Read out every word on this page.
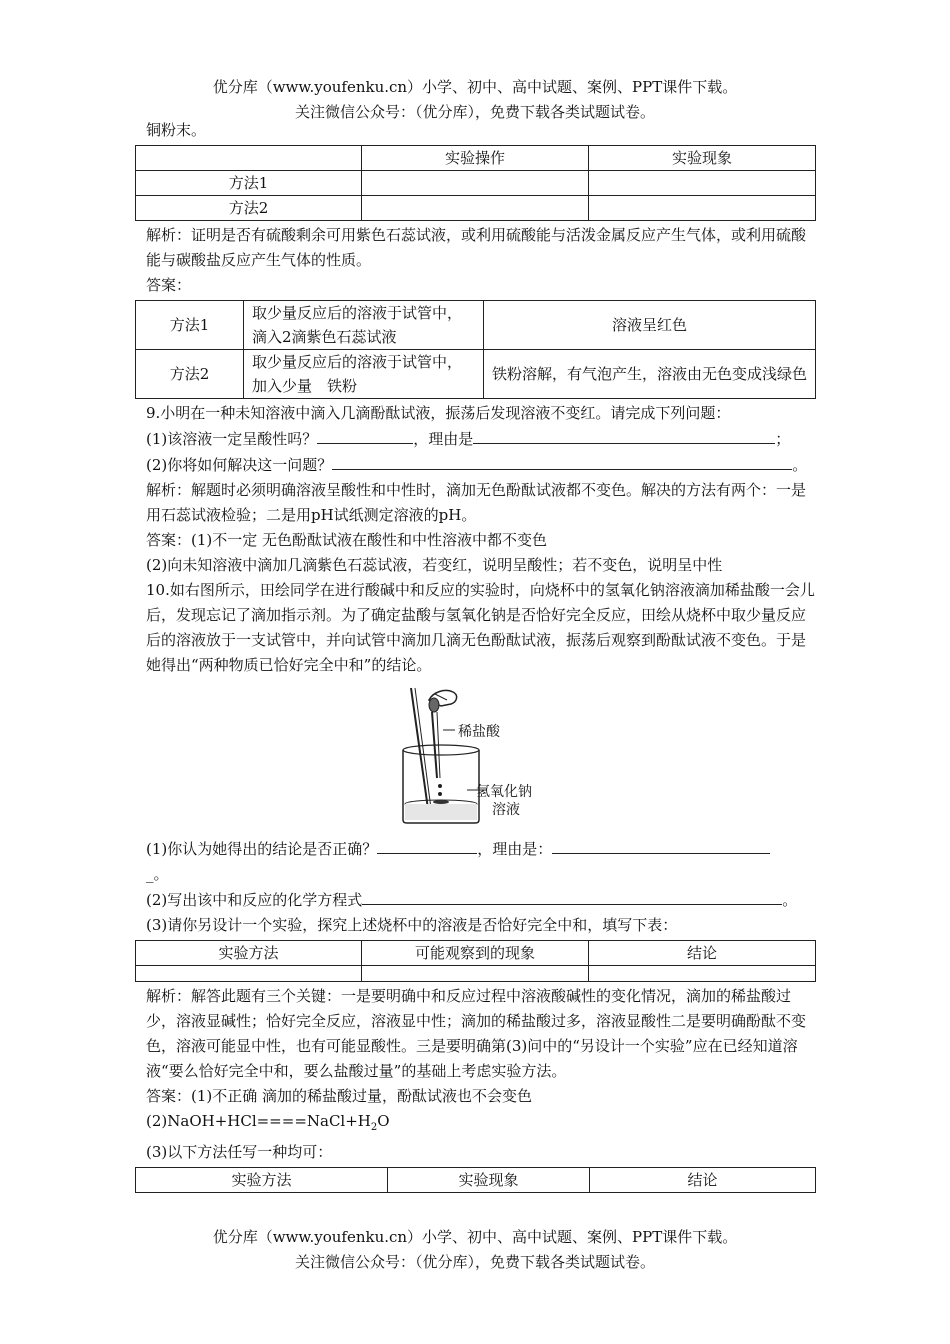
优分库（www.youfenku.cn）小学、初中、高中试题、案例、PPT课件下载。
关注微信公众号：（优分库），免费下载各类试题试卷。

铜粉末。

	实验操作	实验现象
方法1		
方法2		

解析：证明是否有硫酸剩余可用紫色石蕊试液，或利用硫酸能与活泼金属反应产生气体，或利用硫酸能与碳酸盐反应产生气体的性质。

答案：

方法1	取少量反应后的溶液于试管中，滴入2滴紫色石蕊试液	溶液呈红色
方法2	取少量反应后的溶液于试管中，加入少量　铁粉	铁粉溶解，有气泡产生，溶液由无色变成浅绿色

9.小明在一种未知溶液中滴入几滴酚酞试液，振荡后发现溶液不变红。请完成下列问题：

(1)该溶液一定呈酸性吗？	，理由是	；

(2)你将如何解决这一问题？	。

解析：解题时必须明确溶液呈酸性和中性时，滴加无色酚酞试液都不变色。解决的方法有两个：一是用石蕊试液检验；二是用pH试纸测定溶液的pH。

答案：(1)不一定 无色酚酞试液在酸性和中性溶液中都不变色

(2)向未知溶液中滴加几滴紫色石蕊试液，若变红，说明呈酸性；若不变色，说明呈中性

10.如右图所示，田绘同学在进行酸碱中和反应的实验时，向烧杯中的氢氧化钠溶液滴加稀盐酸一会儿后，发现忘记了滴加指示剂。为了确定盐酸与氢氧化钠是否恰好完全反应，田绘从烧杯中取少量反应后的溶液放于一支试管中，并向试管中滴加几滴无色酚酞试液，振荡后观察到酚酞试液不变色。于是她得出“两种物质已恰好完全中和”的结论。

稀盐酸
氢氧化钠
溶液

(1)你认为她得出的结论是否正确？	，理由是：

_。

(2)写出该中和反应的化学方程式	。

(3)请你另设计一个实验，探究上述烧杯中的溶液是否恰好完全中和，填写下表：

实验方法	可能观察到的现象	结论

解析：解答此题有三个关键：一是要明确中和反应过程中溶液酸碱性的变化情况，滴加的稀盐酸过少，溶液显碱性；恰好完全反应，溶液显中性；滴加的稀盐酸过多，溶液显酸性二是要明确酚酞不变色，溶液可能显中性，也有可能显酸性。三是要明确第(3)问中的“另设计一个实验”应在已经知道溶液“要么恰好完全中和，要么盐酸过量”的基础上考虑实验方法。

答案：(1)不正确 滴加的稀盐酸过量，酚酞试液也不会变色

$(2)NaOH+HCl====NaCl+H_2O$

(3)以下方法任写一种均可：

实验方法	实验现象	结论
优分库（www.youfenku.cn）小学、初中、高中试题、案例、PPT课件下载。
关注微信公众号：（优分库），免费下载各类试题试卷。
